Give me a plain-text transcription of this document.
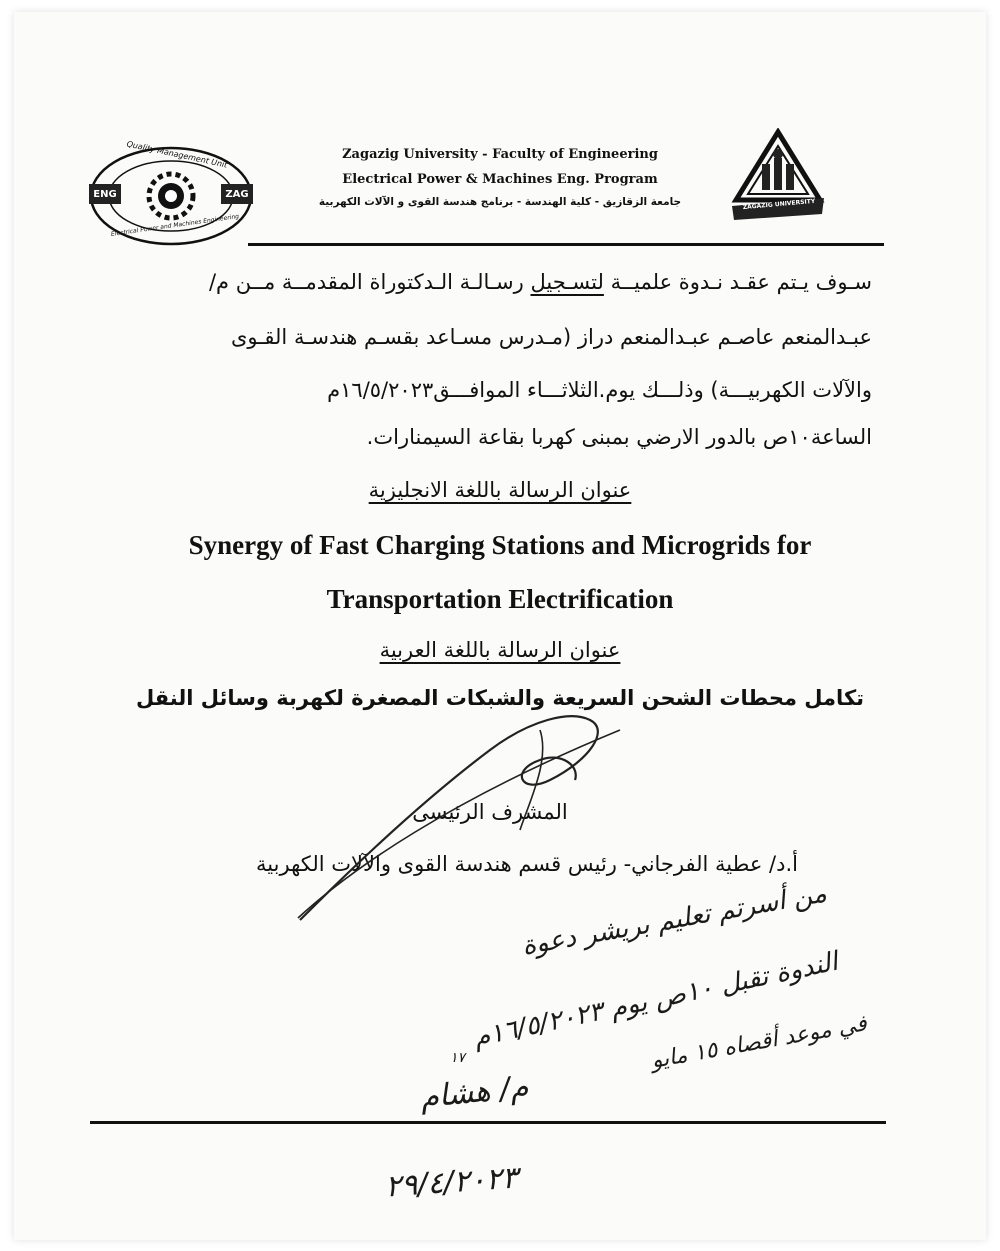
ENG	ZAG
Quality Management Unit
Electrical Power and Machines Engineering
ZAGAZIG UNIVERSITY
Zagazig University - Faculty of Engineering
Electrical Power & Machines Eng. Program
جامعة الزقازيق - كلية الهندسة - برنامج هندسة القوى و الآلات الكهربية
سـوف يـتم عقـد نـدوة علميــة لتسـجيل رسـالـة الـدكتوراة المقدمــة مــن م/
عبـدالمنعم عاصـم عبـدالمنعم دراز (مـدرس مسـاعد بقسـم هندسـة القـوى
والآلات الكهربيـــة) وذلـــك يوم.الثلاثـــاء الموافـــق١٦/٥/٢٠٢٣م
الساعة١٠ص بالدور الارضي بمبنى كهربا بقاعة السيمنارات.
عنوان الرسالة باللغة الانجليزية
Synergy of Fast Charging Stations and Microgrids for
Transportation Electrification
عنوان الرسالة باللغة العربية
تكامل محطات الشحن السريعة والشبكات المصغرة لكهربة وسائل النقل
المشرف الرئيسى
أ.د/ عطية الفرجاني- رئيس قسم هندسة القوى والآلات الكهربية
من أسرتم تعليم بريشر دعوة
الندوة تقبل ١٠ص يوم ١٦/٥/٢٠٢٣م
في موعد أقصاه ١٥ مايو
١٧
م/ هشام
٢٩/٤/٢٠٢٣
